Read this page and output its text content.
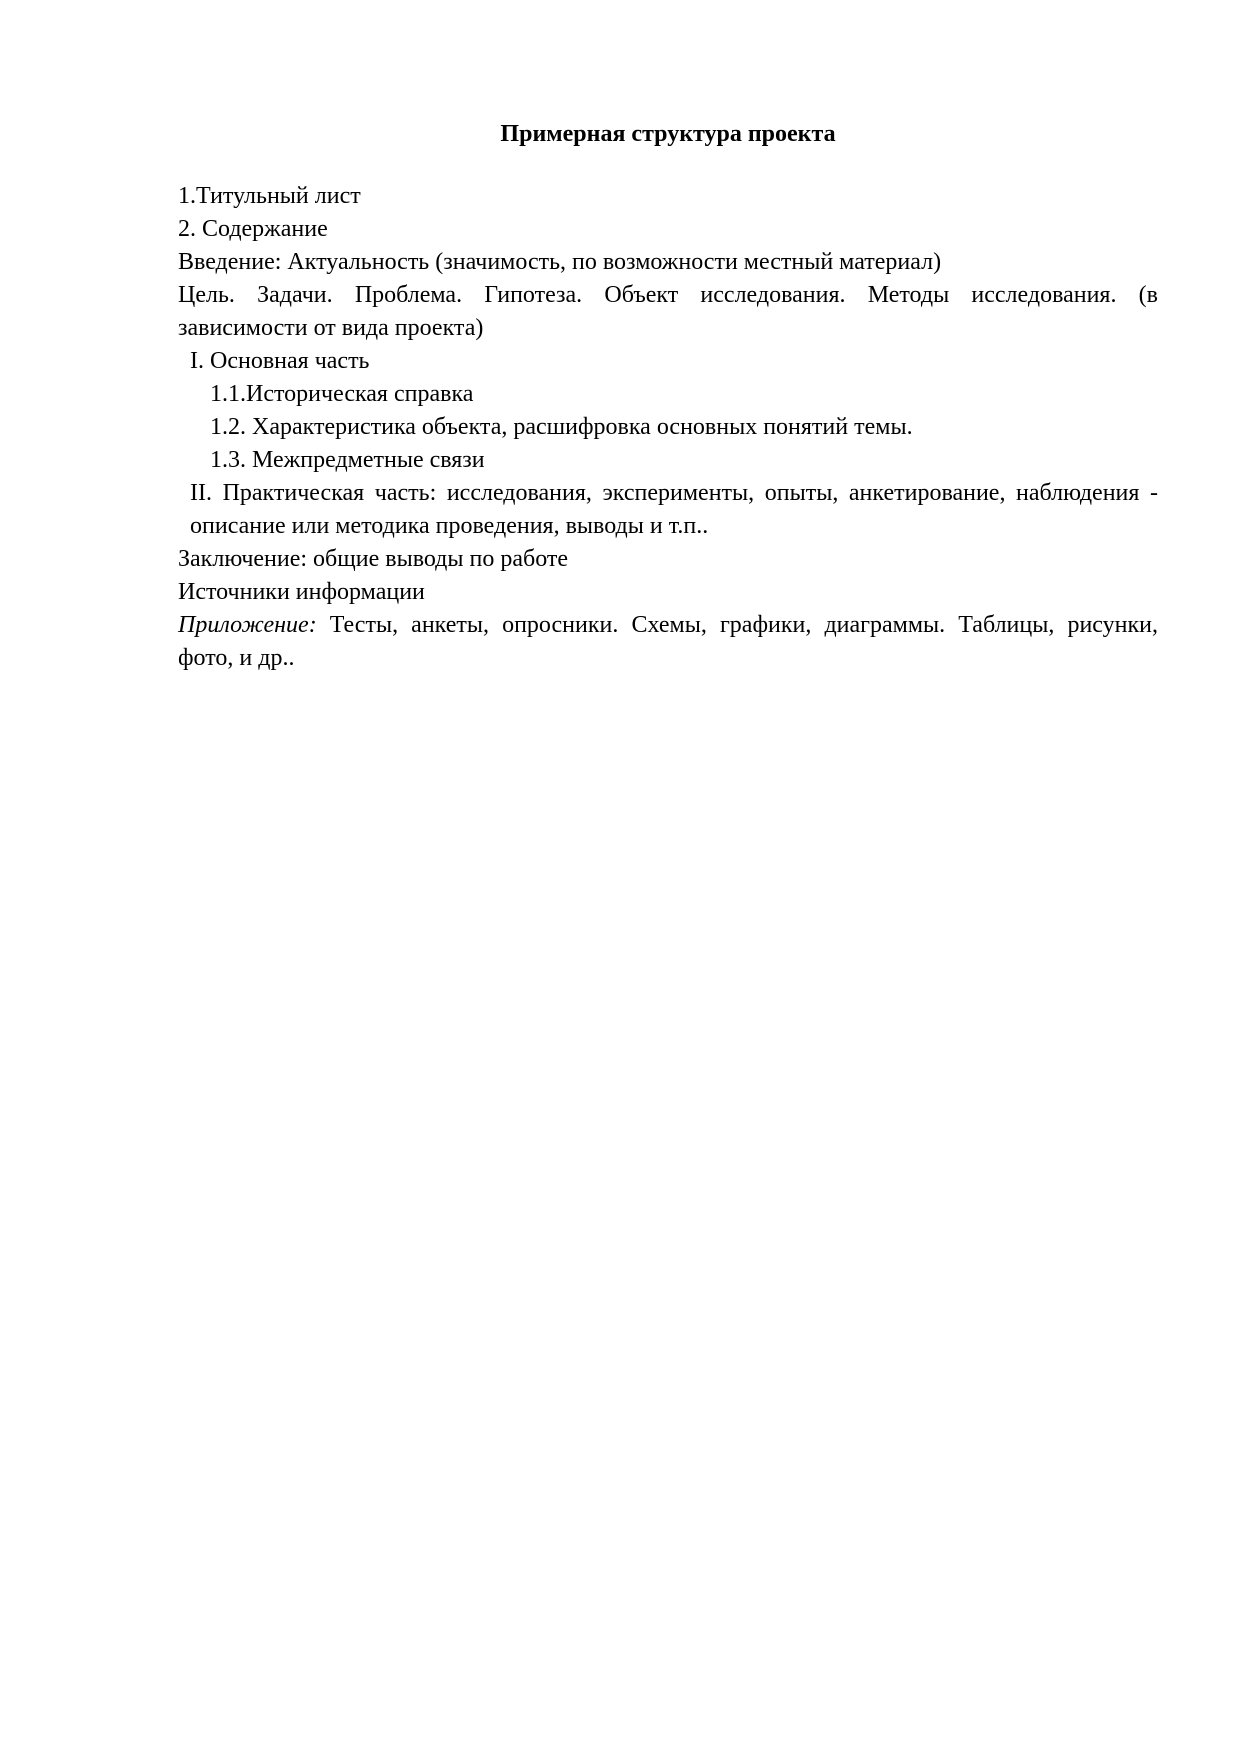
Примерная структура проекта
1.Титульный лист
2. Содержание
Введение: Актуальность (значимость, по возможности местный материал)
Цель. Задачи. Проблема. Гипотеза. Объект исследования. Методы исследования. (в зависимости от вида проекта)
I. Основная часть
1.1.Историческая справка
1.2. Характеристика объекта, расшифровка основных понятий темы.
1.3. Межпредметные связи
II. Практическая часть: исследования, эксперименты, опыты, анкетирование, наблюдения - описание или методика проведения, выводы и т.п..
Заключение: общие выводы по работе
Источники информации
Приложение: Тесты, анкеты, опросники. Схемы, графики, диаграммы. Таблицы, рисунки, фото, и др..
